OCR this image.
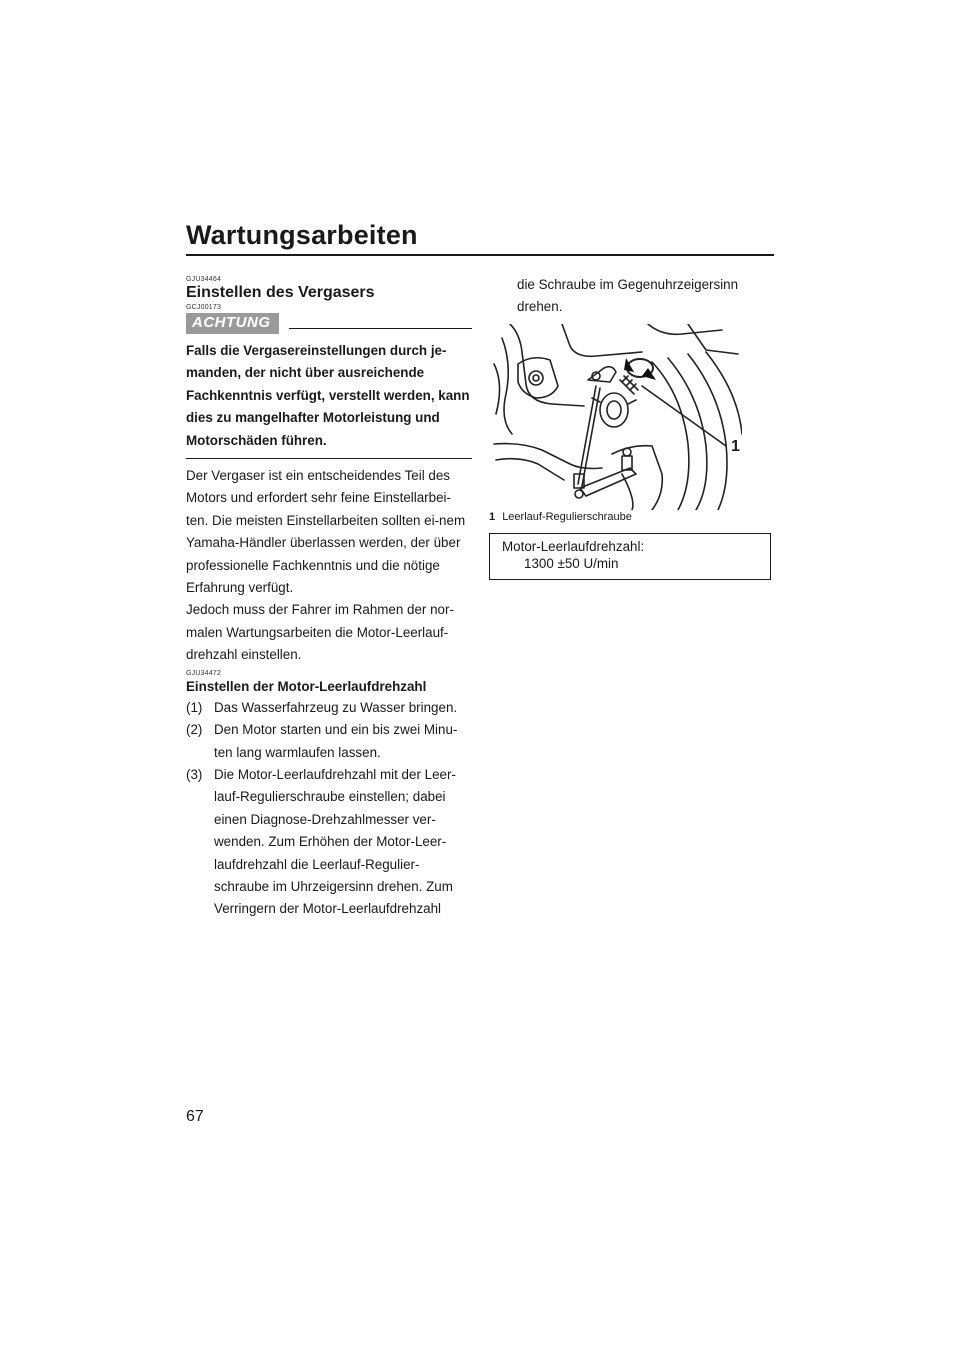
Wartungsarbeiten
GJU34464
Einstellen des Vergasers
GCJ00173
ACHTUNG
Falls die Vergasereinstellungen durch je-manden, der nicht über ausreichende Fachkenntnis verfügt, verstellt werden, kann dies zu mangelhafter Motorleistung und Motorschäden führen.

Der Vergaser ist ein entscheidendes Teil des Motors und erfordert sehr feine Einstellarbei-ten. Die meisten Einstellarbeiten sollten ei-nem Yamaha-Händler überlassen werden, der über professionelle Fachkenntnis und die nötige Erfahrung verfügt.

Jedoch muss der Fahrer im Rahmen der nor-malen Wartungsarbeiten die Motor-Leerlauf-drehzahl einstellen.

GJU34472
Einstellen der Motor-Leerlaufdrehzahl
(1) Das Wasserfahrzeug zu Wasser bringen.
(2) Den Motor starten und ein bis zwei Minu-ten lang warmlaufen lassen.
(3) Die Motor-Leerlaufdrehzahl mit der Leer-lauf-Regulierschraube einstellen; dabei einen Diagnose-Drehzahlmesser ver-wenden. Zum Erhöhen der Motor-Leer-laufdrehzahl die Leerlauf-Regulier-schraube im Uhrzeigersinn drehen. Zum Verringern der Motor-Leerlaufdrehzahl

die Schraube im Gegenuhrzeigersinn drehen.

1
1 Leerlauf-Regulierschraube
Motor-Leerlaufdrehzahl:
1300 ±50 U/min
67
